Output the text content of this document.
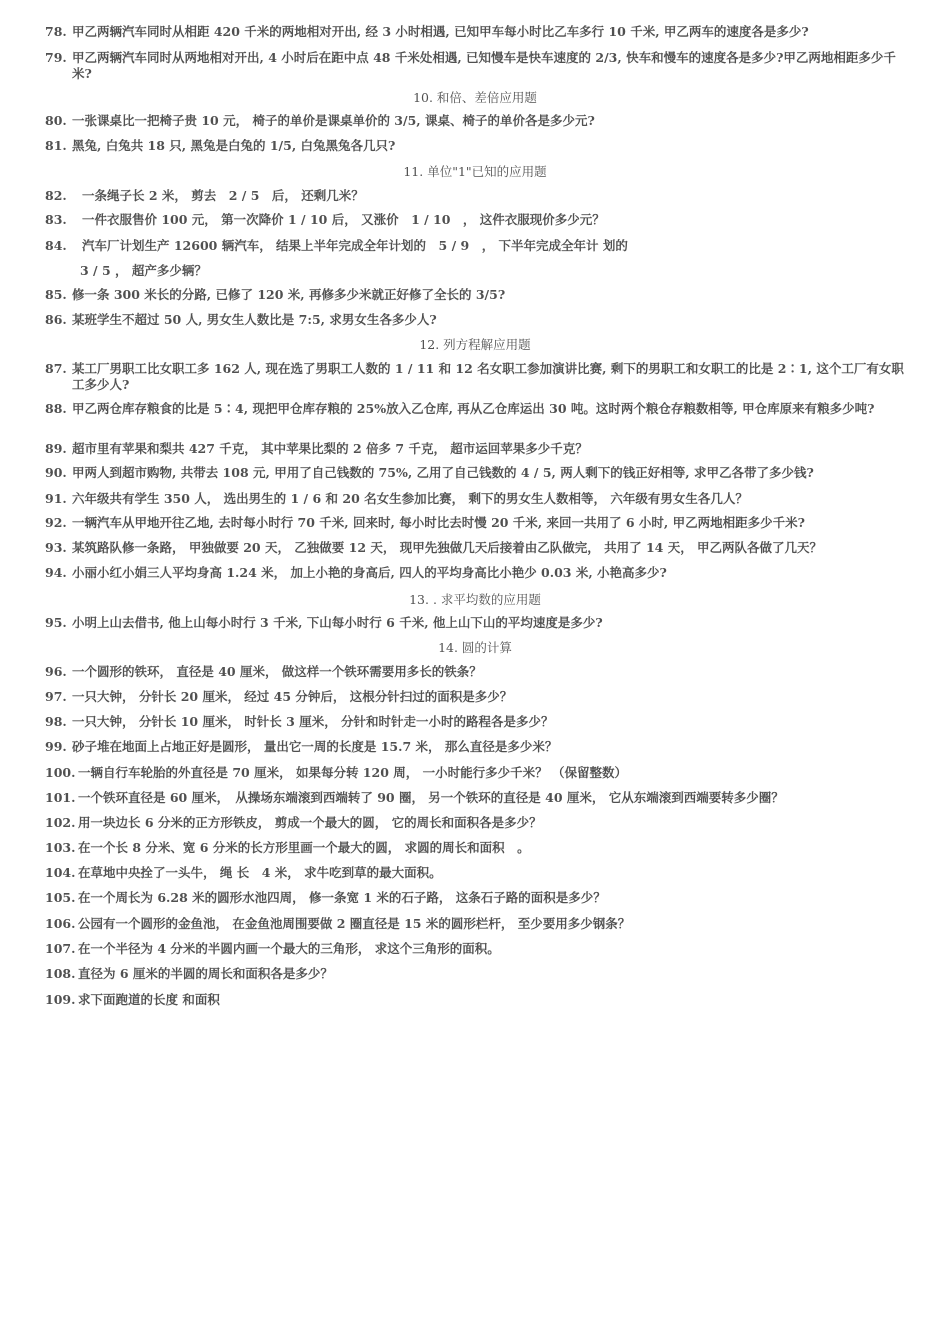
78. 甲乙两辆汽车同时从相距 420 千米的两地相对开出, 经 3 小时相遇, 已知甲车每小时比乙车多行 10 千米, 甲乙两车的速度各是多少?
79. 甲乙两辆汽车同时从两地相对开出, 4 小时后在距中点 48 千米处相遇, 已知慢车是快车速度的 2/3, 快车和慢车的速度各是多少?甲乙两地相距多少千米?
10. 和倍、差倍应用题
80. 一张课桌比一把椅子贵 10 元， 椅子的单价是课桌单价的 3/5, 课桌、椅子的单价各是多少元?
81. 黑兔, 白兔共 18 只, 黑兔是白兔的 1/5, 白兔黑兔各几只?
11. 单位"1"已知的应用题
82.	一条绳子长 2 米， 剪去　2 / 5　后， 还剩几米？
83.	一件衣服售价 100 元， 第一次降价 1 / 10 后， 又涨价　1 / 10　， 这件衣服现价多少元？
84.	汽车厂计划生产 12600 辆汽车， 结果上半年完成全年计划的　5 / 9　， 下半年完成全年计 划的
3 / 5 ， 超产多少辆？
85. 修一条 300 米长的分路, 已修了 120 米, 再修多少米就正好修了全长的 3/5?
86. 某班学生不超过 50 人, 男女生人数比是 7:5, 求男女生各多少人?
12. 列方程解应用题
87. 某工厂男职工比女职工多 162 人, 现在选了男职工人数的 1 / 11 和 12 名女职工参加演讲比赛, 剩下的男职工和女职工的比是 2∶1, 这个工厂有女职工多少人?
88. 甲乙两仓库存粮食的比是 5∶4, 现把甲仓库存粮的 25%放入乙仓库, 再从乙仓库运出 30 吨。这时两个粮仓存粮数相等, 甲仓库原来有粮多少吨?
89. 超市里有苹果和梨共 427 千克， 其中苹果比梨的 2 倍多 7 千克， 超市运回苹果多少千克？
90. 甲两人到超市购物, 共带去 108 元, 甲用了自己钱数的 75%, 乙用了自己钱数的 4 / 5, 两人剩下的钱正好相等, 求甲乙各带了多少钱?
91. 六年级共有学生 350 人， 选出男生的 1 / 6 和 20 名女生参加比赛， 剩下的男女生人数相等， 六年级有男女生各几人？
92. 一辆汽车从甲地开往乙地, 去时每小时行 70 千米, 回来时, 每小时比去时慢 20 千米, 来回一共用了 6 小时, 甲乙两地相距多少千米?
93. 某筑路队修一条路， 甲独做要 20 天， 乙独做要 12 天， 现甲先独做几天后接着由乙队做完， 共用了 14 天， 甲乙两队各做了几天？
94. 小丽小红小娟三人平均身高 1.24 米， 加上小艳的身高后, 四人的平均身高比小艳少 0.03 米, 小艳高多少?
13. . 求平均数的应用题
95. 小明上山去借书, 他上山每小时行 3 千米, 下山每小时行 6 千米, 他上山下山的平均速度是多少?
14. 圆的计算
96. 一个圆形的铁环， 直径是 40 厘米， 做这样一个铁环需要用多长的铁条？
97. 一只大钟， 分针长 20 厘米， 经过 45 分钟后， 这根分针扫过的面积是多少？
98. 一只大钟， 分针长 10 厘米， 时针长 3 厘米， 分针和时针走一小时的路程各是多少？
99. 砂子堆在地面上占地正好是圆形， 量出它一周的长度是 15.7 米， 那么直径是多少米？
100. 一辆自行车轮胎的外直径是 70 厘米， 如果每分转 120 周， 一小时能行多少千米？ （保留整数）
101. 一个铁环直径是 60 厘米，　从操场东端滚到西端转了 90 圈， 另一个铁环的直径是 40 厘米， 它从东端滚到西端要转多少圈？
102. 用一块边长 6 分米的正方形铁皮， 剪成一个最大的圆， 它的周长和面积各是多少？
103. 在一个长 8 分米、宽 6 分米的长方形里画一个最大的圆， 求圆的周长和面积　。
104. 在草地中央拴了一头牛， 绳 长　4 米， 求牛吃到草的最大面积。
105. 在一个周长为 6.28 米的圆形水池四周， 修一条宽 1 米的石子路， 这条石子路的面积是多少？
106. 公园有一个圆形的金鱼池， 在金鱼池周围要做 2 圈直径是 15 米的圆形栏杆， 至少要用多少钢条？
107. 在一个半径为 4 分米的半圆内画一个最大的三角形， 求这个三角形的面积。
108. 直径为 6 厘米的半圆的周长和面积各是多少？
109. 求下面跑道的长度 和面积
